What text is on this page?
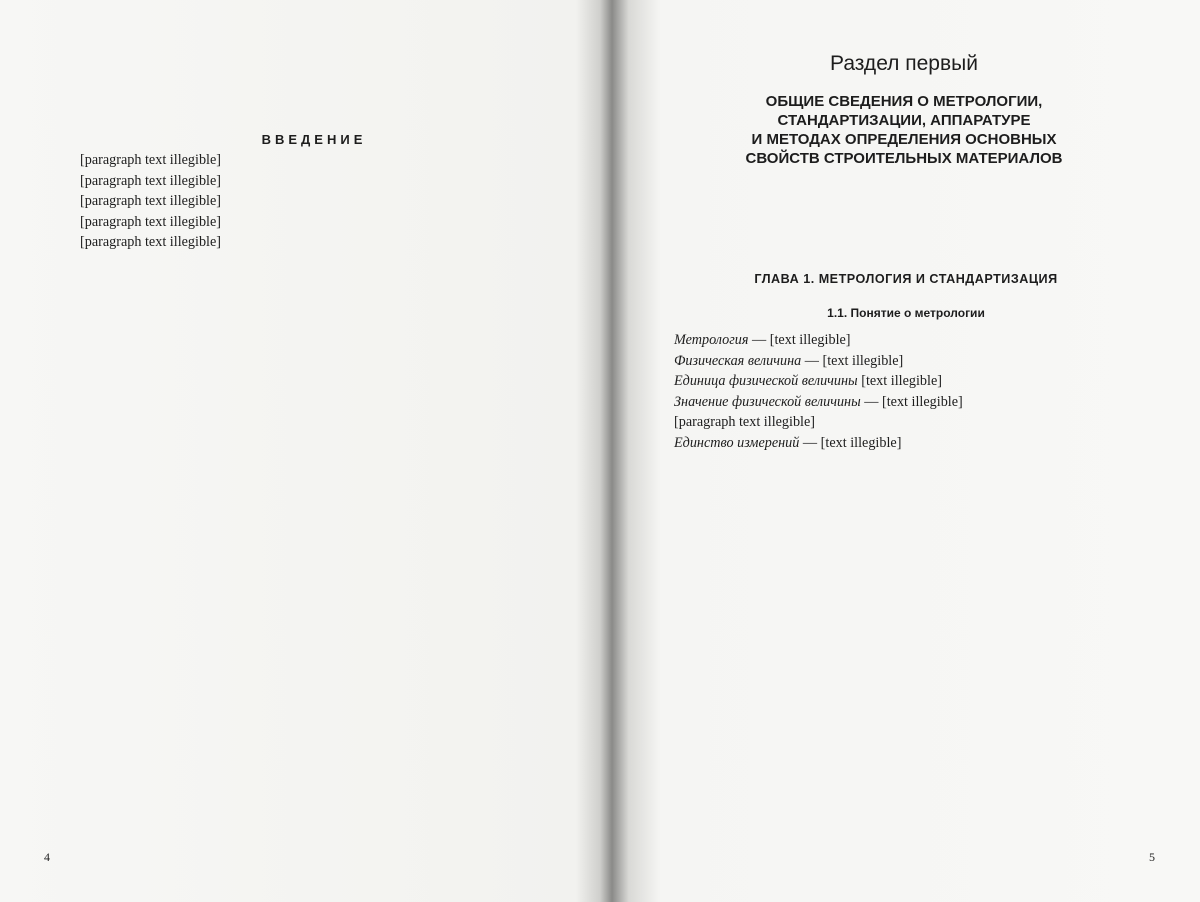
ВВЕДЕНИЕ

[paragraph text illegible]

[paragraph text illegible]

[paragraph text illegible]

[paragraph text illegible]

[paragraph text illegible]

4
Раздел первый
ОБЩИЕ СВЕДЕНИЯ О МЕТРОЛОГИИ,
СТАНДАРТИЗАЦИИ, АППАРАТУРЕ
И МЕТОДАХ ОПРЕДЕЛЕНИЯ ОСНОВНЫХ
СВОЙСТВ СТРОИТЕЛЬНЫХ МАТЕРИАЛОВ
ГЛАВА 1. МЕТРОЛОГИЯ И СТАНДАРТИЗАЦИЯ
1.1. Понятие о метрологии

Метрология — [text illegible]

Физическая величина — [text illegible]

Единица физической величины [text illegible]

Значение физической величины — [text illegible]

[paragraph text illegible]

Единство измерений — [text illegible]

5
